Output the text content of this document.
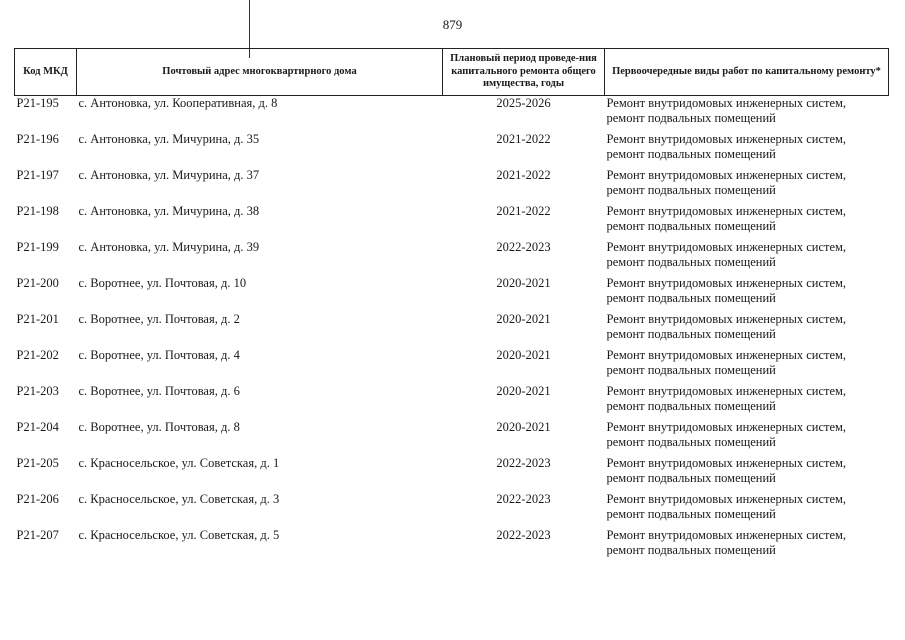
879
Код МКД	Почтовый адрес многоквартирного дома	Плановый период проведе-ния капитального ремонта общего имущества, годы	Первоочередные виды работ по капитальному ремонту*
P21-195	с. Антоновка, ул. Кооперативная, д. 8	2025-2026	Ремонт внутридомовых инженерных систем,
ремонт подвальных помещений

P21-196	с. Антоновка, ул. Мичурина, д. 35	2021-2022	Ремонт внутридомовых инженерных систем,
ремонт подвальных помещений

P21-197	с. Антоновка, ул. Мичурина, д. 37	2021-2022	Ремонт внутридомовых инженерных систем,
ремонт подвальных помещений

P21-198	с. Антоновка, ул. Мичурина, д. 38	2021-2022	Ремонт внутридомовых инженерных систем,
ремонт подвальных помещений

P21-199	с. Антоновка, ул. Мичурина, д. 39	2022-2023	Ремонт внутридомовых инженерных систем,
ремонт подвальных помещений

P21-200	с. Воротнее, ул. Почтовая, д. 10	2020-2021	Ремонт внутридомовых инженерных систем,
ремонт подвальных помещений

P21-201	с. Воротнее, ул. Почтовая, д. 2	2020-2021	Ремонт внутридомовых инженерных систем,
ремонт подвальных помещений

P21-202	с. Воротнее, ул. Почтовая, д. 4	2020-2021	Ремонт внутридомовых инженерных систем,
ремонт подвальных помещений

P21-203	с. Воротнее, ул. Почтовая, д. 6	2020-2021	Ремонт внутридомовых инженерных систем,
ремонт подвальных помещений

P21-204	с. Воротнее, ул. Почтовая, д. 8	2020-2021	Ремонт внутридомовых инженерных систем,
ремонт подвальных помещений

P21-205	с. Красносельское, ул. Советская, д. 1	2022-2023	Ремонт внутридомовых инженерных систем,
ремонт подвальных помещений

P21-206	с. Красносельское, ул. Советская, д. 3	2022-2023	Ремонт внутридомовых инженерных систем,
ремонт подвальных помещений

P21-207	с. Красносельское, ул. Советская, д. 5	2022-2023	Ремонт внутридомовых инженерных систем,
ремонт подвальных помещений
